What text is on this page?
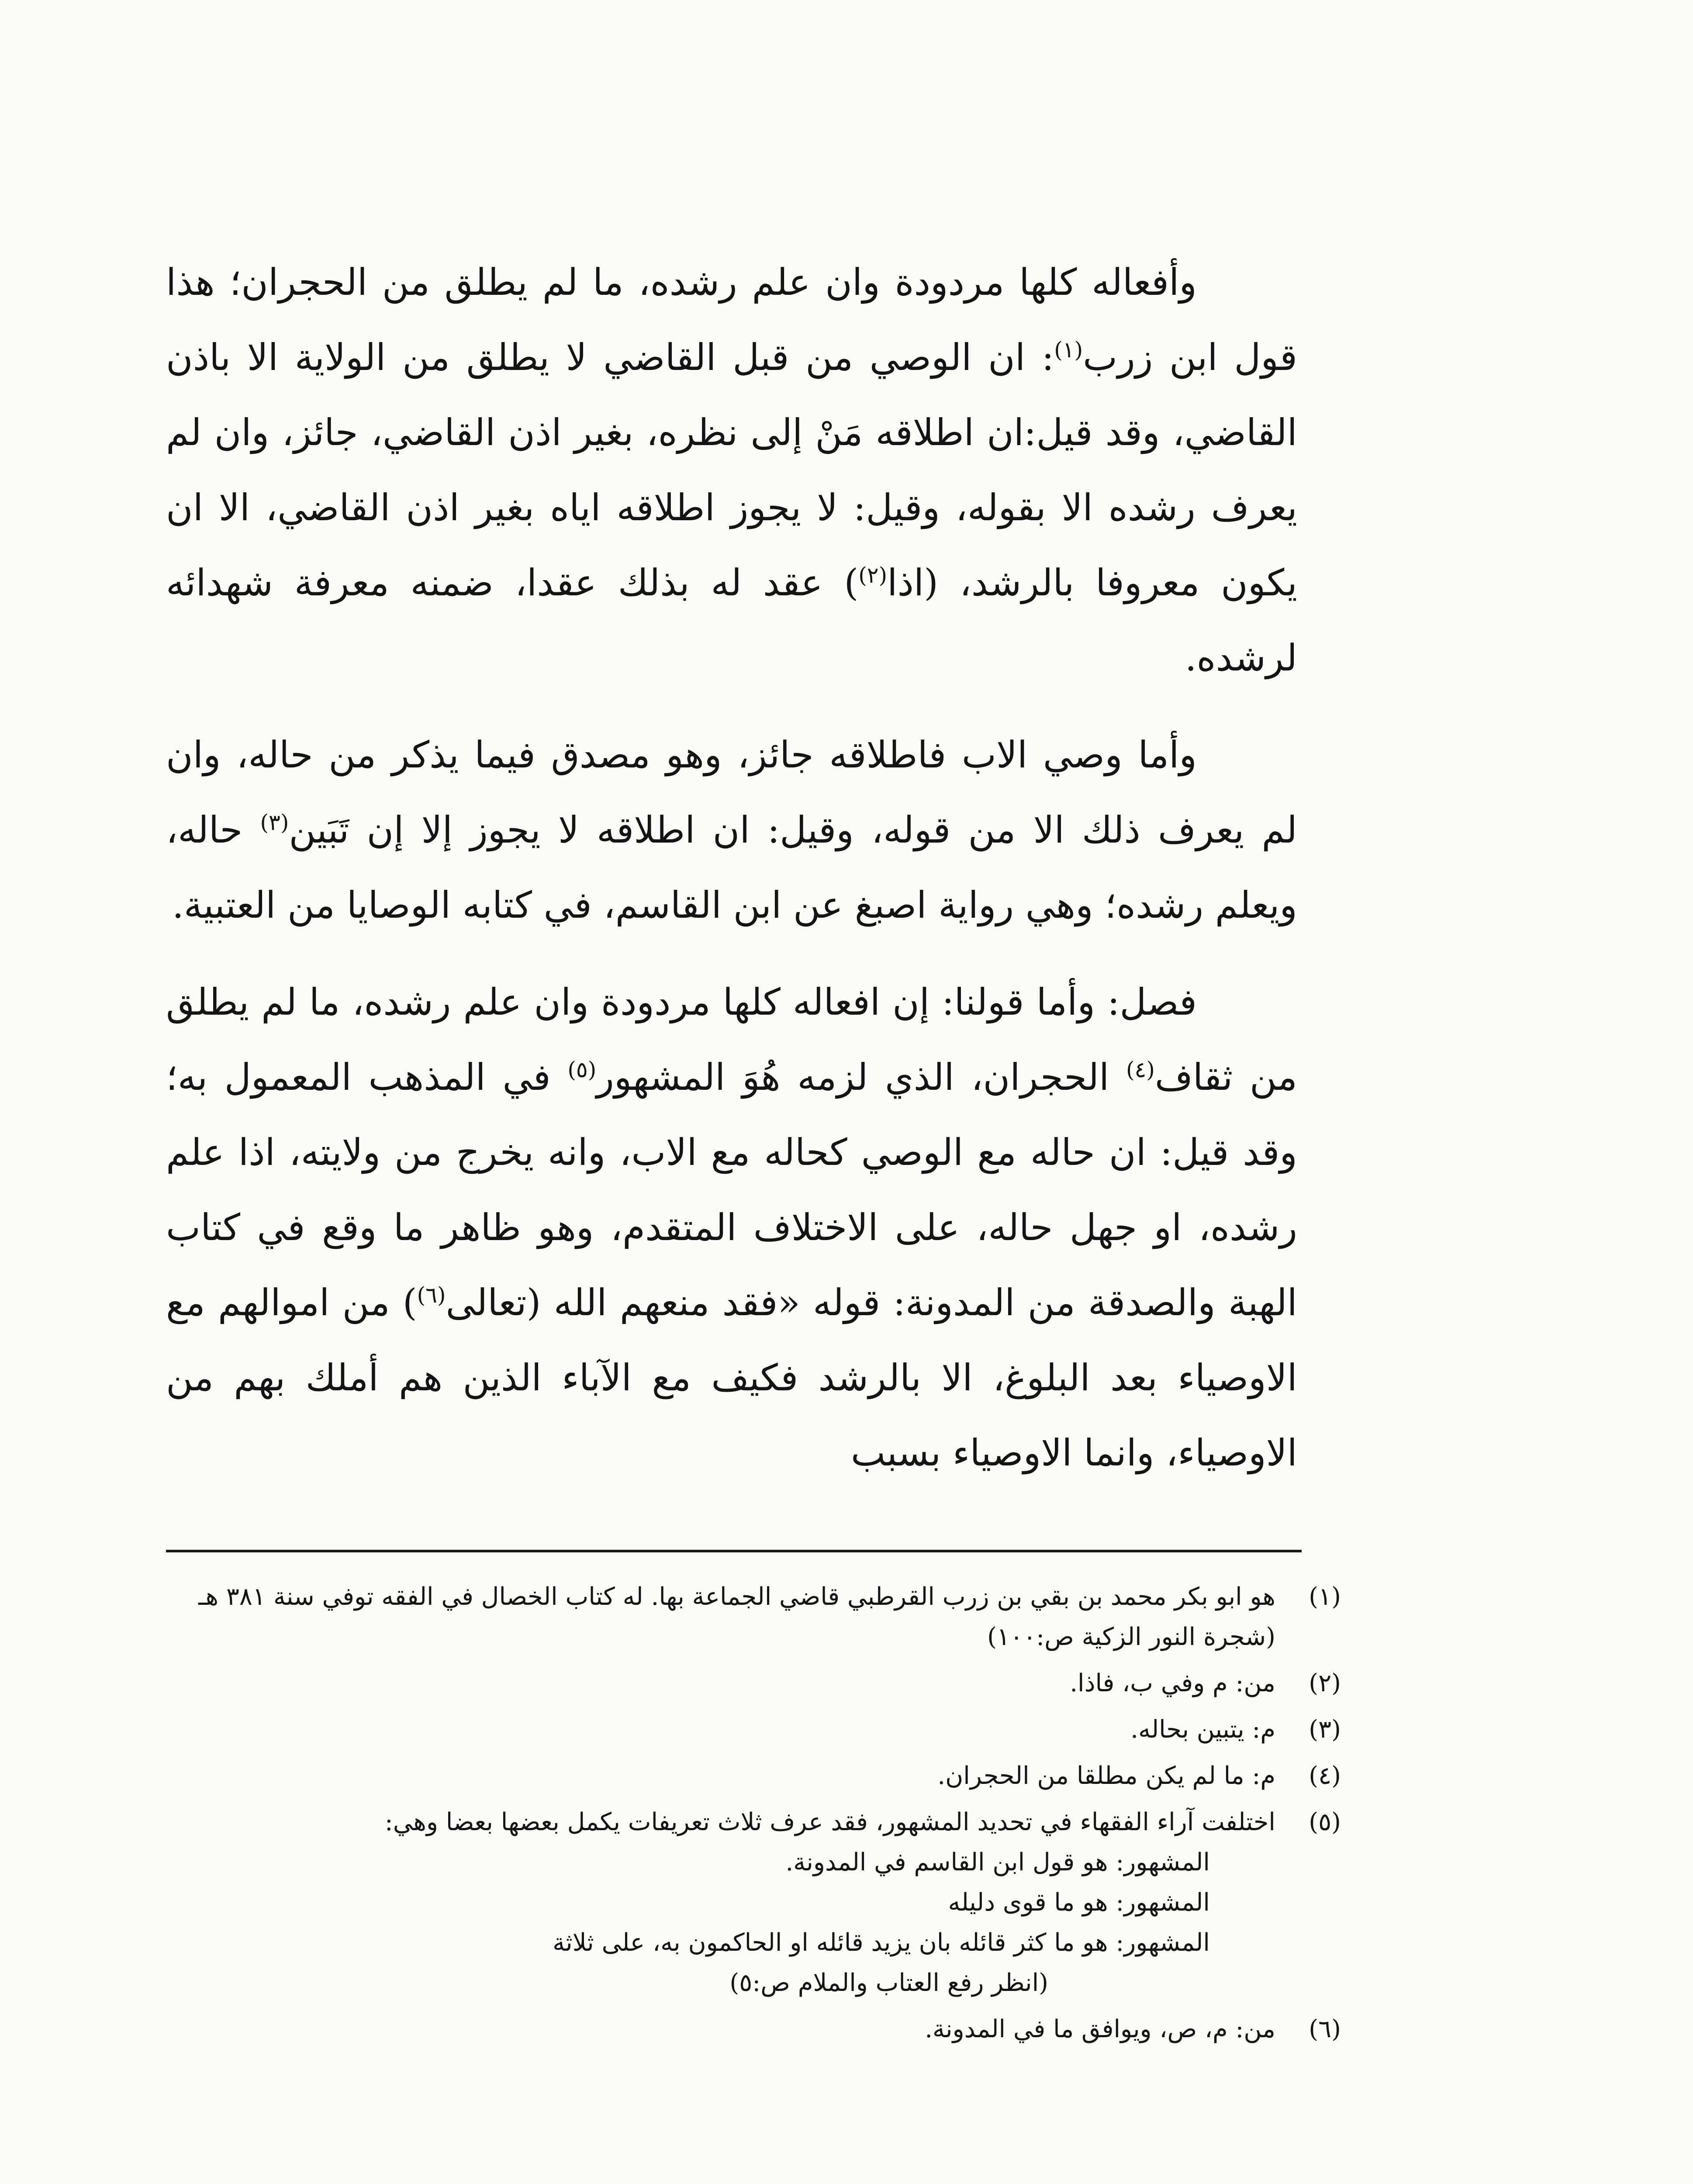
وأفعاله كلها مردودة وان علم رشده، ما لم يطلق من الحجران؛ هذا قول ابن زرب$^{(١)}$: ان الوصي من قبل القاضي لا يطلق من الولاية الا باذن القاضي، وقد قيل:ان اطلاقه مَنْ إلى نظره، بغير اذن القاضي، جائز، وان لم يعرف رشده الا بقوله، وقيل: لا يجوز اطلاقه اياه بغير اذن القاضي، الا ان يكون معروفا بالرشد، (اذا$^{(٢)}$) عقد له بذلك عقدا، ضمنه معرفة شهدائه لرشده.

وأما وصي الاب فاطلاقه جائز، وهو مصدق فيما يذكر من حاله، وان لم يعرف ذلك الا من قوله، وقيل: ان اطلاقه لا يجوز إلا إن تَبَين$^{(٣)}$ حاله، ويعلم رشده؛ وهي رواية اصبغ عن ابن القاسم، في كتابه الوصايا من العتبية.

فصل: وأما قولنا: إن افعاله كلها مردودة وان علم رشده، ما لم يطلق من ثقاف$^{(٤)}$ الحجران، الذي لزمه هُوَ المشهور$^{(٥)}$ في المذهب المعمول به؛ وقد قيل: ان حاله مع الوصي كحاله مع الاب، وانه يخرج من ولايته، اذا علم رشده، او جهل حاله، على الاختلاف المتقدم، وهو ظاهر ما وقع في كتاب الهبة والصدقة من المدونة: قوله «فقد منعهم الله (تعالى$^{(٦)}$) من اموالهم مع الاوصياء بعد البلوغ، الا بالرشد فكيف مع الآباء الذين هم أملك بهم من الاوصياء، وانما الاوصياء بسبب

(١)
هو ابو بكر محمد بن بقي بن زرب القرطبي قاضي الجماعة بها. له كتاب الخصال في الفقه توفي سنة ٣٨١ هـ (شجرة النور الزكية ص:١٠٠)
(٢)
من: م وفي ب، فاذا.
(٣)
م: يتبين بحاله.
(٤)
م: ما لم يكن مطلقا من الحجران.
(٥)
اختلفت آراء الفقهاء في تحديد المشهور، فقد عرف ثلاث تعريفات يكمل بعضها بعضا وهي:
المشهور: هو قول ابن القاسم في المدونة.
المشهور: هو ما قوى دليله
المشهور: هو ما كثر قائله بان يزيد قائله او الحاكمون به، على ثلاثة
(انظر رفع العتاب والملام ص:٥)
(٦)
من: م، ص، ويوافق ما في المدونة.
